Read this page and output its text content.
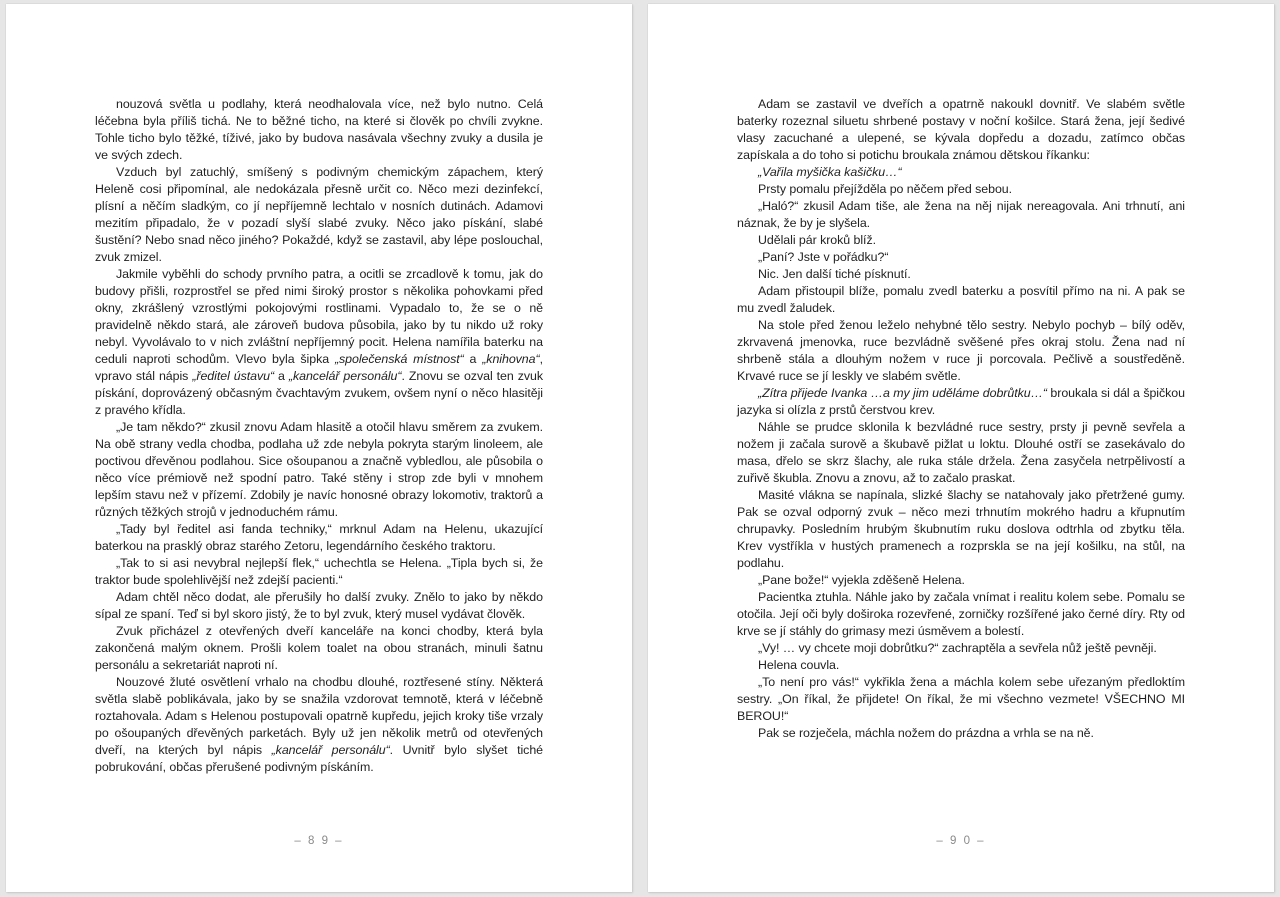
nouzová světla u podlahy, která neodhalovala více, než bylo nutno. Celá léčebna byla příliš tichá. Ne to běžné ticho, na které si člověk po chvíli zvykne. Tohle ticho bylo těžké, tíživé, jako by budova nasávala všechny zvuky a dusila je ve svých zdech.

Vzduch byl zatuchlý, smíšený s podivným chemickým zápachem, který Heleně cosi připomínal, ale nedokázala přesně určit co. Něco mezi dezinfekcí, plísní a něčím sladkým, co jí nepříjemně lechtalo v nosních dutinách. Adamovi mezitím připadalo, že v pozadí slyší slabé zvuky. Něco jako pískání, slabé šustění? Nebo snad něco jiného? Pokaždé, když se zastavil, aby lépe poslouchal, zvuk zmizel.

Jakmile vyběhli do schody prvního patra, a ocitli se zrcadlově k tomu, jak do budovy přišli, rozprostřel se před nimi široký prostor s několika pohovkami před okny, zkrášlený vzrostlými pokojovými rostlinami. Vypadalo to, že se o ně pravidelně někdo stará, ale zároveň budova působila, jako by tu nikdo už roky nebyl. Vyvolávalo to v nich zvláštní nepříjemný pocit. Helena namířila baterku na ceduli naproti schodům. Vlevo byla šipka „společenská místnost“ a „knihovna“, vpravo stál nápis „ředitel ústavu“ a „kancelář personálu“. Znovu se ozval ten zvuk pískání, doprovázený občasným čvachtavým zvukem, ovšem nyní o něco hlasitěji z pravého křídla.

„Je tam někdo?“ zkusil znovu Adam hlasitě a otočil hlavu směrem za zvukem. Na obě strany vedla chodba, podlaha už zde nebyla pokryta starým linoleem, ale poctivou dřevěnou podlahou. Sice ošoupanou a značně vybledlou, ale působila o něco více prémiově než spodní patro. Také stěny i strop zde byli v mnohem lepším stavu než v přízemí. Zdobily je navíc honosné obrazy lokomotiv, traktorů a různých těžkých strojů v jednoduchém rámu.

„Tady byl ředitel asi fanda techniky,“ mrknul Adam na Helenu, ukazující baterkou na prasklý obraz starého Zetoru, legendárního českého traktoru.

„Tak to si asi nevybral nejlepší flek,“ uchechtla se Helena. „Tipla bych si, že traktor bude spolehlivější než zdejší pacienti.“

Adam chtěl něco dodat, ale přerušily ho další zvuky. Znělo to jako by někdo sípal ze spaní. Teď si byl skoro jistý, že to byl zvuk, který musel vydávat člověk.

Zvuk přicházel z otevřených dveří kanceláře na konci chodby, která byla zakončená malým oknem. Prošli kolem toalet na obou stranách, minuli šatnu personálu a sekretariát naproti ní.

Nouzové žluté osvětlení vrhalo na chodbu dlouhé, roztřesené stíny. Některá světla slabě poblikávala, jako by se snažila vzdorovat temnotě, která v léčebně roztahovala. Adam s Helenou postupovali opatrně kupředu, jejich kroky tiše vrzaly po ošoupaných dřevěných parketách. Byly už jen několik metrů od otevřených dveří, na kterých byl nápis „kancelář personálu“. Uvnitř bylo slyšet tiché pobrukování, občas přerušené podivným pískáním.

– 8 9 –

Adam se zastavil ve dveřích a opatrně nakoukl dovnitř. Ve slabém světle baterky rozeznal siluetu shrbené postavy v noční košilce. Stará žena, její šedivé vlasy zacuchané a ulepené, se kývala dopředu a dozadu, zatímco občas zapískala a do toho si potichu broukala známou dětskou říkanku:

„Vařila myšička kašičku…“

Prsty pomalu přejížděla po něčem před sebou.

„Haló?“ zkusil Adam tiše, ale žena na něj nijak nereagovala. Ani trhnutí, ani náznak, že by je slyšela.

Udělali pár kroků blíž.

„Paní? Jste v pořádku?“

Nic. Jen další tiché písknutí.

Adam přistoupil blíže, pomalu zvedl baterku a posvítil přímo na ni. A pak se mu zvedl žaludek.

Na stole před ženou leželo nehybné tělo sestry. Nebylo pochyb – bílý oděv, zkrvavená jmenovka, ruce bezvládně svěšené přes okraj stolu. Žena nad ní shrbeně stála a dlouhým nožem v ruce ji porcovala. Pečlivě a soustředěně. Krvavé ruce se jí leskly ve slabém světle.

„Zítra přijede Ivanka …a my jim uděláme dobrůtku…“ broukala si dál a špičkou jazyka si olízla z prstů čerstvou krev.

Náhle se prudce sklonila k bezvládné ruce sestry, prsty ji pevně sevřela a nožem ji začala surově a škubavě pižlat u loktu. Dlouhé ostří se zasekávalo do masa, dřelo se skrz šlachy, ale ruka stále držela. Žena zasyčela netrpělivostí a zuřivě škubla. Znovu a znovu, až to začalo praskat.

Masité vlákna se napínala, slizké šlachy se natahovaly jako přetržené gumy. Pak se ozval odporný zvuk – něco mezi trhnutím mokrého hadru a křupnutím chrupavky. Posledním hrubým škubnutím ruku doslova odtrhla od zbytku těla. Krev vystříkla v hustých pramenech a rozprskla se na její košilku, na stůl, na podlahu.

„Pane bože!“ vyjekla zděšeně Helena.

Pacientka ztuhla. Náhle jako by začala vnímat i realitu kolem sebe. Pomalu se otočila. Její oči byly doširoka rozevřené, zorničky rozšířené jako černé díry. Rty od krve se jí stáhly do grimasy mezi úsměvem a bolestí.

„Vy! … vy chcete moji dobrůtku?“ zachraptěla a sevřela nůž ještě pevněji.

Helena couvla.

„To není pro vás!“ vykřikla žena a máchla kolem sebe uřezaným předloktím sestry. „On říkal, že přijdete! On říkal, že mi všechno vezmete! VŠECHNO MI BEROU!“

Pak se rozječela, máchla nožem do prázdna a vrhla se na ně.

– 9 0 –
